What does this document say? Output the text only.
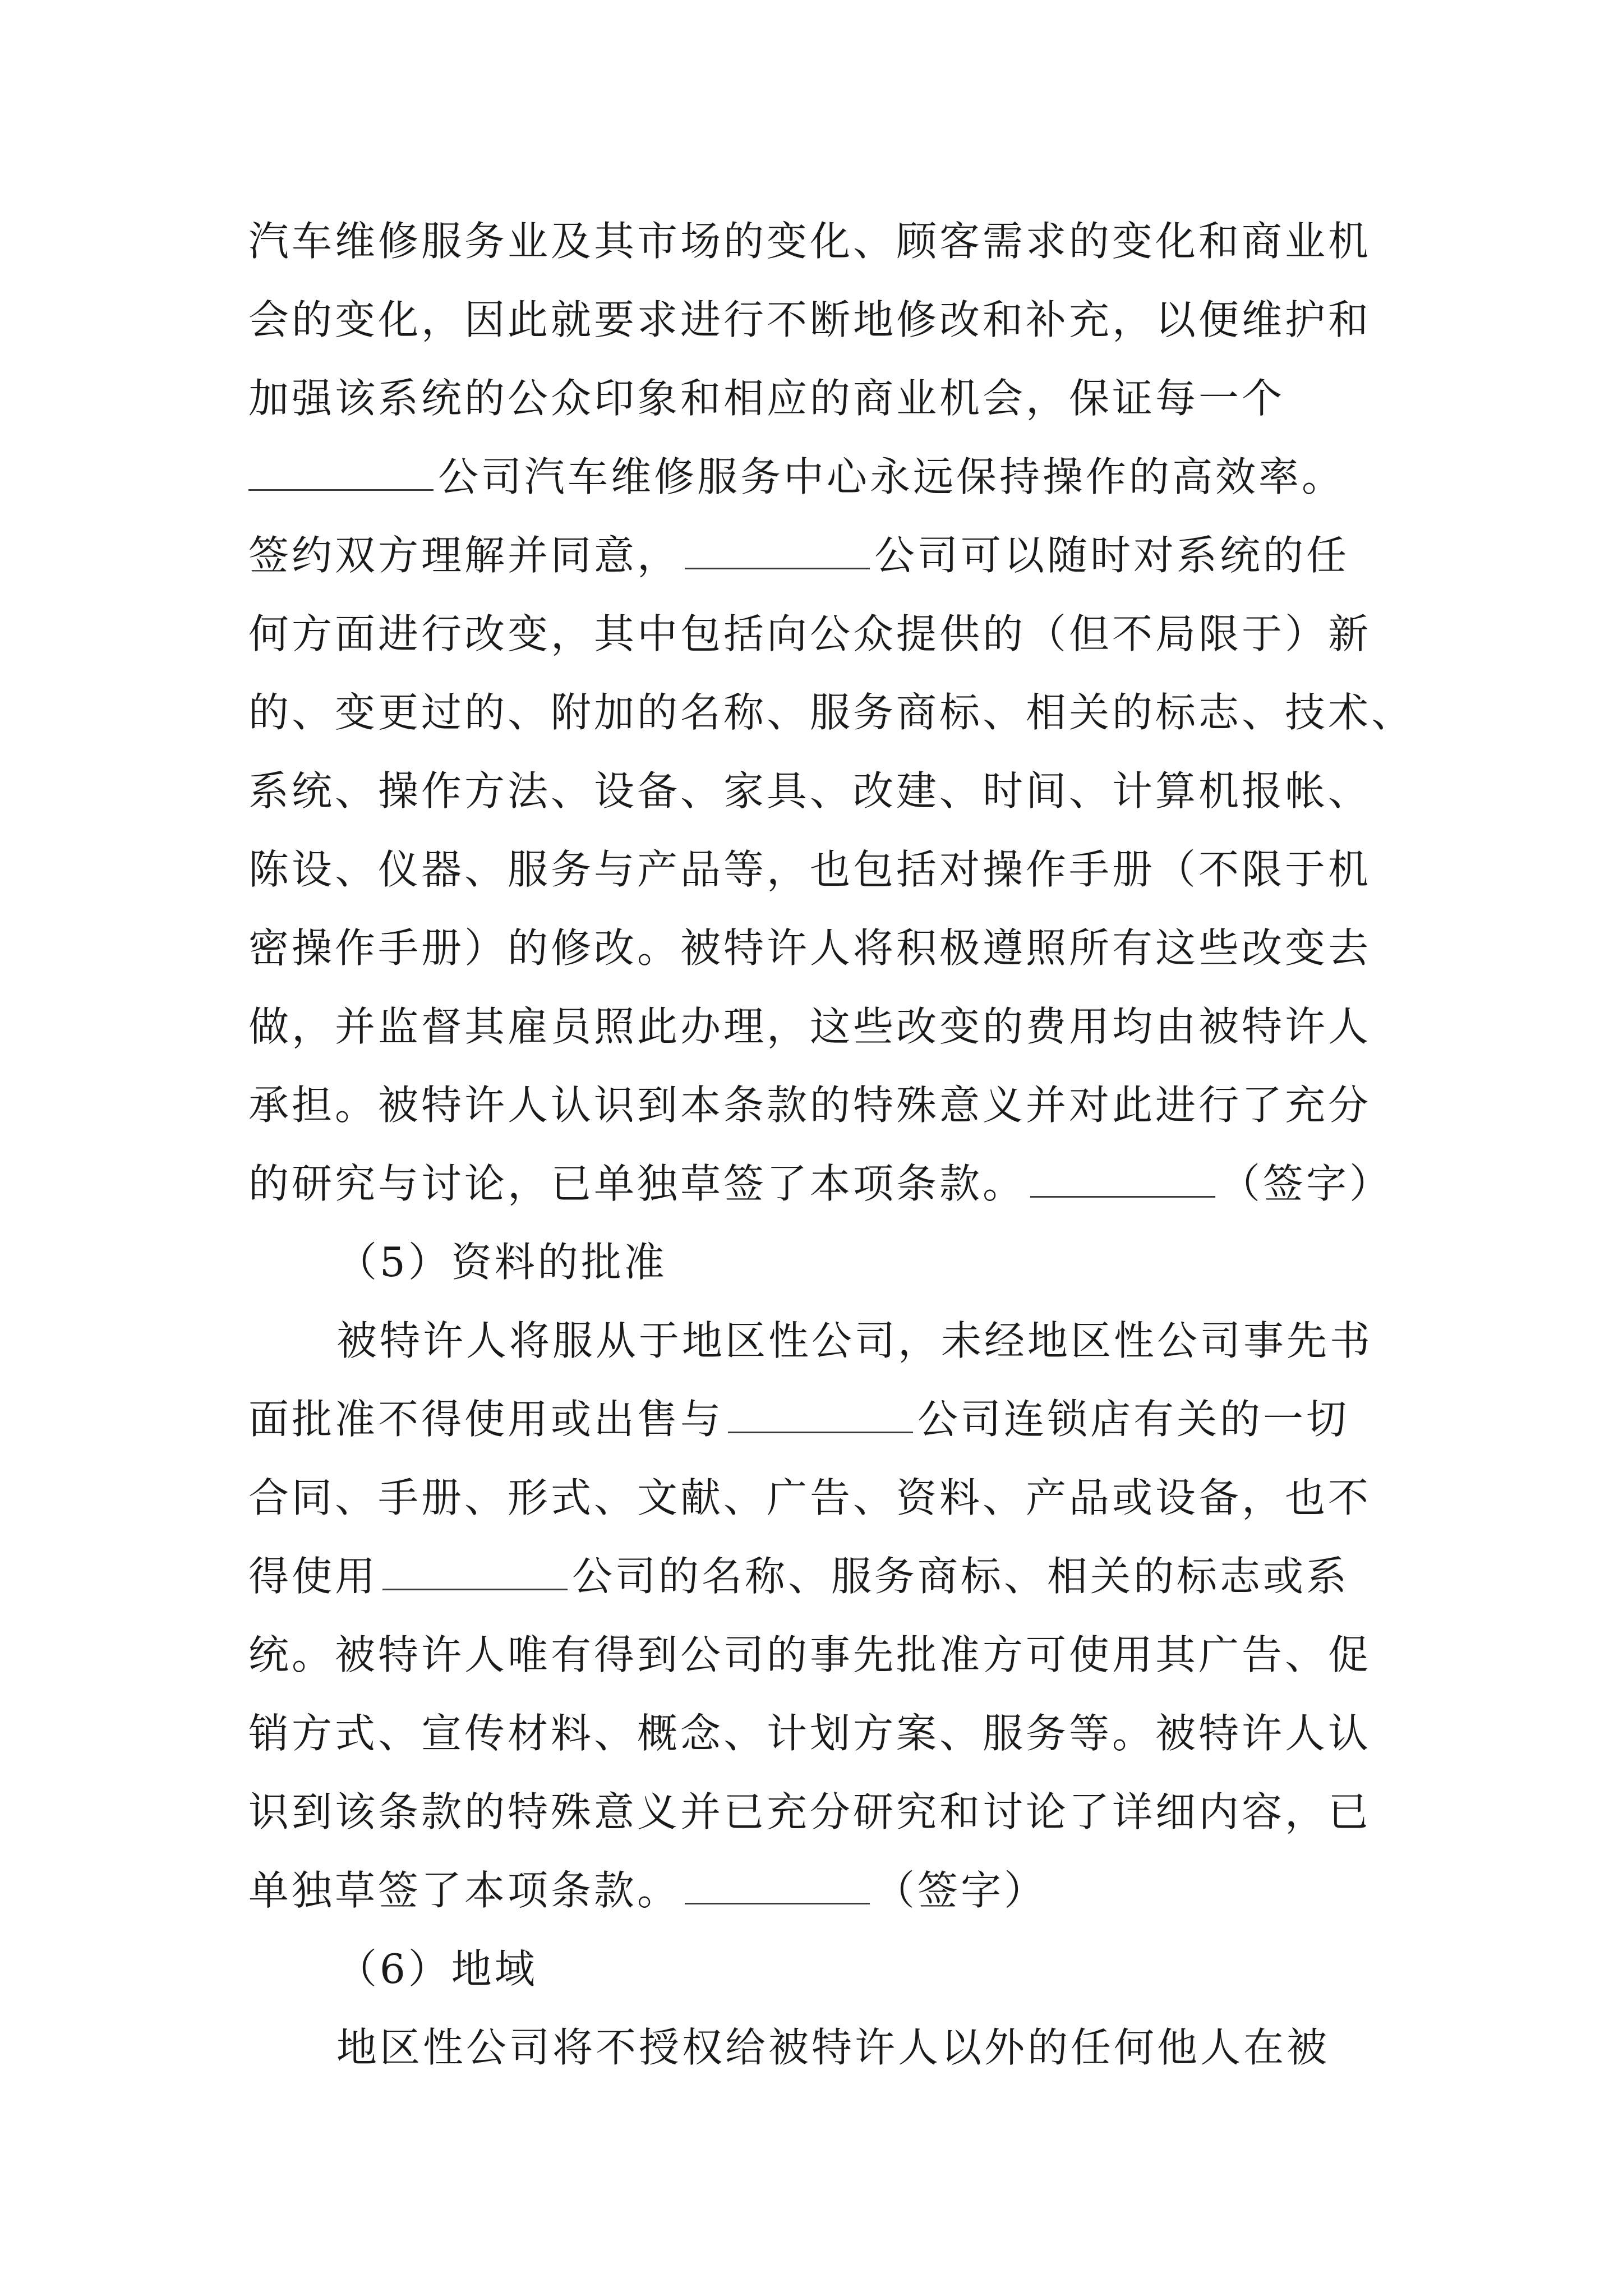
汽车维修服务业及其市场的变化、顾客需求的变化和商业机
会的变化，因此就要求进行不断地修改和补充，以便维护和
加强该系统的公众印象和相应的商业机会，保证每一个
公司汽车维修服务中心永远保持操作的高效率。
签约双方理解并同意，	公司可以随时对系统的任
何方面进行改变，其中包括向公众提供的（但不局限于）新
的、变更过的、附加的名称、服务商标、相关的标志、技术、
系统、操作方法、设备、家具、改建、时间、计算机报帐、
陈设、仪器、服务与产品等，也包括对操作手册（不限于机
密操作手册）的修改。被特许人将积极遵照所有这些改变去
做，并监督其雇员照此办理，这些改变的费用均由被特许人
承担。被特许人认识到本条款的特殊意义并对此进行了充分
的研究与讨论，已单独草签了本项条款。	（签字）
（5）资料的批准
被特许人将服从于地区性公司，未经地区性公司事先书
面批准不得使用或出售与	公司连锁店有关的一切
合同、手册、形式、文献、广告、资料、产品或设备，也不
得使用	公司的名称、服务商标、相关的标志或系
统。被特许人唯有得到公司的事先批准方可使用其广告、促
销方式、宣传材料、概念、计划方案、服务等。被特许人认
识到该条款的特殊意义并已充分研究和讨论了详细内容，已
单独草签了本项条款。	（签字）
（6）地域
地区性公司将不授权给被特许人以外的任何他人在被
